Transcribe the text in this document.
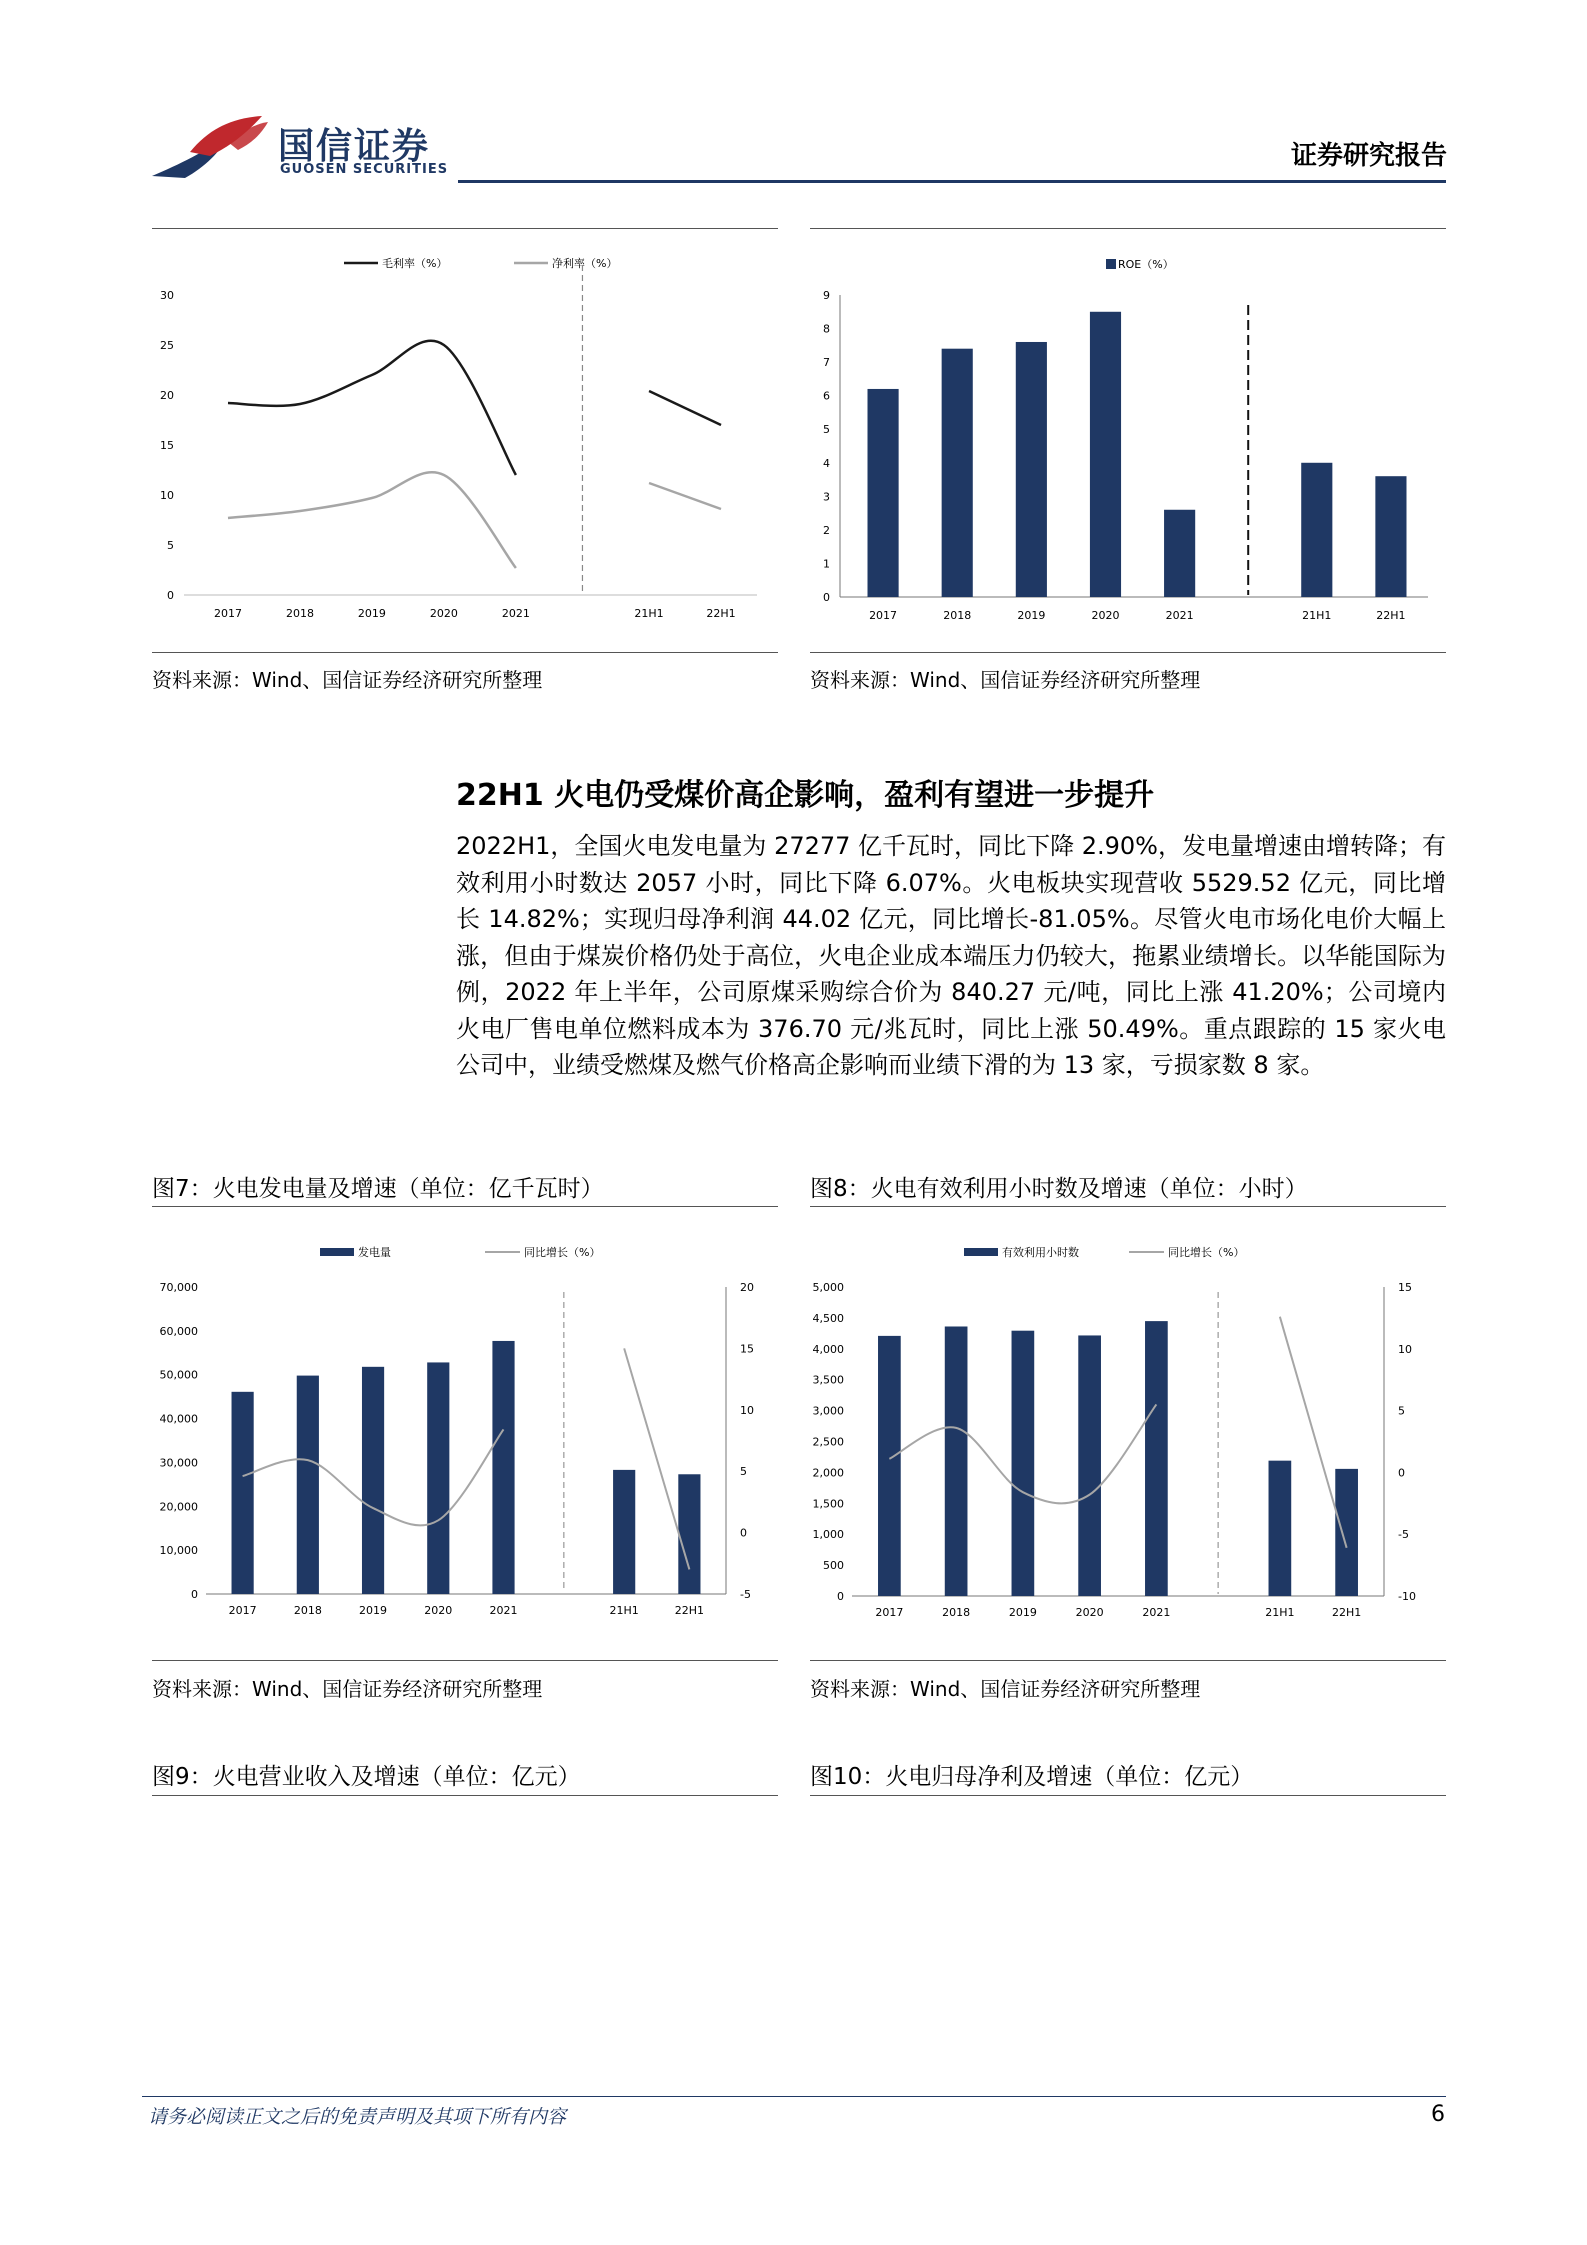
国信证券
GUOSEN SECURITIES	证券研究报告
毛利率（%）	净利率（%）
0
5
10
15
20
25
30
2017	2018	2019	2020	2021	21H1	22H1
ROE（%）
0
1
2
3
4
5
6
7
8
9
2017	2018	2019	2020	2021	21H1	22H1
资料来源：Wind、国信证券经济研究所整理	资料来源：Wind、国信证券经济研究所整理
22H1 火电仍受煤价高企影响，盈利有望进一步提升
2022H1，全国火电发电量为 27277 亿千瓦时，同比下降 2.90%，发电量增速由增转降；有效利用小时数达 2057 小时，同比下降 6.07%。火电板块实现营收 5529.52 亿元，同比增长 14.82%；实现归母净利润 44.02 亿元，同比增长-81.05%。尽管火电市场化电价大幅上涨，但由于煤炭价格仍处于高位，火电企业成本端压力仍较大，拖累业绩增长。以华能国际为例，2022 年上半年，公司原煤采购综合价为 840.27 元/吨，同比上涨 41.20%；公司境内火电厂售电单位燃料成本为 376.70 元/兆瓦时，同比上涨 50.49%。重点跟踪的 15 家火电公司中，业绩受燃煤及燃气价格高企影响而业绩下滑的为 13 家，亏损家数 8 家。
图7：火电发电量及增速（单位：亿千瓦时）	图8：火电有效利用小时数及增速（单位：小时）
发电量	同比增长（%）
0
10,000
20,000
30,000
40,000
50,000
60,000
70,000
-5
0
5
10
15
20
2017	2018	2019	2020	2021	21H1	22H1
有效利用小时数	同比增长（%）
0
500
1,000
1,500
2,000
2,500
3,000
3,500
4,000
4,500
5,000
-10
-5
0
5
10
15
2017	2018	2019	2020	2021	21H1	22H1
资料来源：Wind、国信证券经济研究所整理	资料来源：Wind、国信证券经济研究所整理
图9：火电营业收入及增速（单位：亿元）	图10：火电归母净利及增速（单位：亿元）
请务必阅读正文之后的免责声明及其项下所有内容	6
